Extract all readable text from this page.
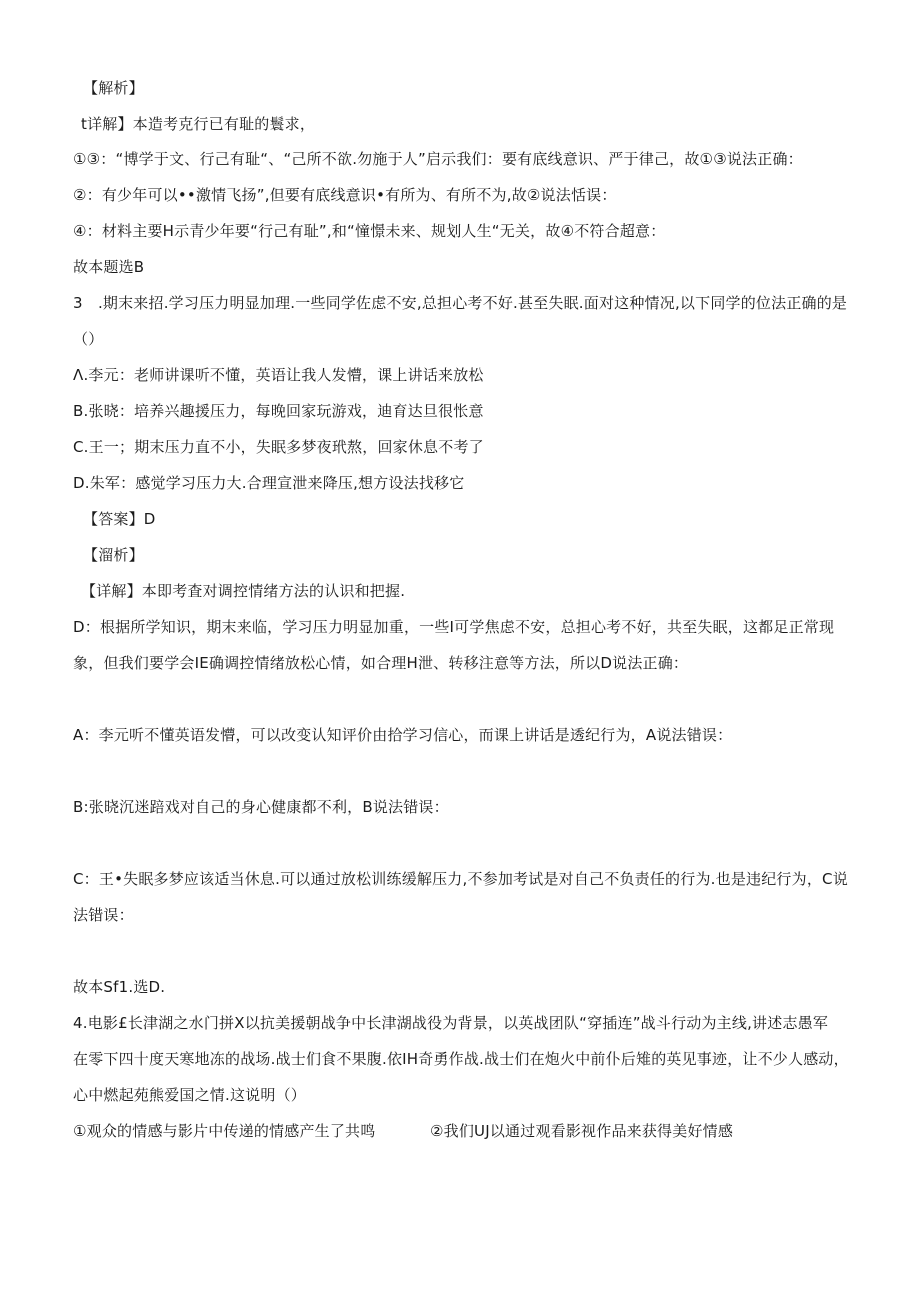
【解析】
t详解】本造考克行已有耻的鬟求，
①③：“博学于文、行己有耻“、“己所不欲.勿施于人”启示我们：要有底线意识、严于律己，故①③说法正确：
②：有少年可以••激情飞扬”,但要有底线意识•有所为、有所不为,故②说法恬误：
④：材料主要H示青少年要“行己有耻”,和“憧憬未来、规划人生“无关，故④不符合超意：
故本题选B
3　.期末来招.学习压力明显加理.一些同学佐虑不安,总担心考不好.甚至失眠.面对这种情况,以下同学的位法正确的是
（）
Λ.李元：老师讲课听不懂，英语让我人发懵，课上讲话来放松
B.张晓：培养兴趣援压力，每晚回家玩游戏，迪育达旦很怅意
C.王一；期末压力直不小，失眠多梦夜玳熬，回家休息不考了
D.朱军：感觉学习压力大.合理宣泄来降压,想方设法找移它
【答案】D
【溜析】
【详解】本即考査对调控情绪方法的认识和把握.
D：根据所学知识，期末来临，学习压力明显加重，一些I可学焦虑不安，总担心考不好，共至失眠，这都足正常现
象，但我们要学会IE确调控情绪放松心情，如合理H泄、转移注意等方法，所以D说法正确：
A：李元听不懂英语发懵，可以改变认知评价由拾学习信心，而课上讲话是透纪行为，A说法错误：
B:张晓沉迷踣戏对自己的身心健康都不利，B说法错误：
C：王•失眠多梦应该适当休息.可以通过放松训练缓解压力,不参加考试是对自己不负责任的行为.也是违纪行为，C说
法错误：
故本Sf1.选D.
4.电影£长津湖之水门拼X以抗美援朝战争中长津湖战役为背景，以英战团队“穿插连”战斗行动为主线,讲述志愚军
在零下四十度天寒地冻的战场.战士们食不果腹.依IH奇勇作战.战士们在炮火中前仆后雉的英见事迹，让不少人感动，
心中燃起苑熊爱国之情.这说明（）
①观众的情感与影片中传递的情感产生了共鸣	②我们UJ以通过观看影视作品来获得美好情感
